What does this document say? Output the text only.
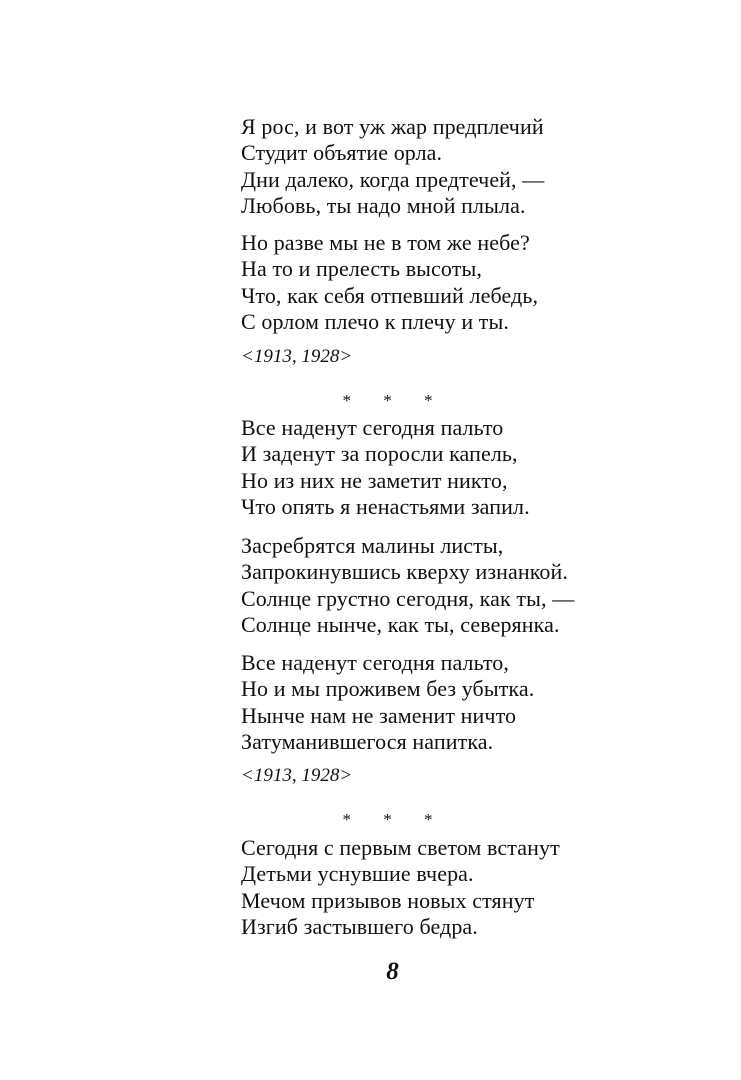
Я рос, и вот уж жар предплечий
Студит объятие орла.
Дни далеко, когда предтечей, —
Любовь, ты надо мной плыла.
Но разве мы не в том же небе?
На то и прелесть высоты,
Что, как себя отпевший лебедь,
С орлом плечо к плечу и ты.
<1913, 1928>
* * *
Все наденут сегодня пальто
И заденут за поросли капель,
Но из них не заметит никто,
Что опять я ненастьями запил.
Засребрятся малины листы,
Запрокинувшись кверху изнанкой.
Солнце грустно сегодня, как ты, —
Солнце нынче, как ты, северянка.
Все наденут сегодня пальто,
Но и мы проживем без убытка.
Нынче нам не заменит ничто
Затуманившегося напитка.
<1913, 1928>
* * *
Сегодня с первым светом встанут
Детьми уснувшие вчера.
Мечом призывов новых стянут
Изгиб застывшего бедра.
8
